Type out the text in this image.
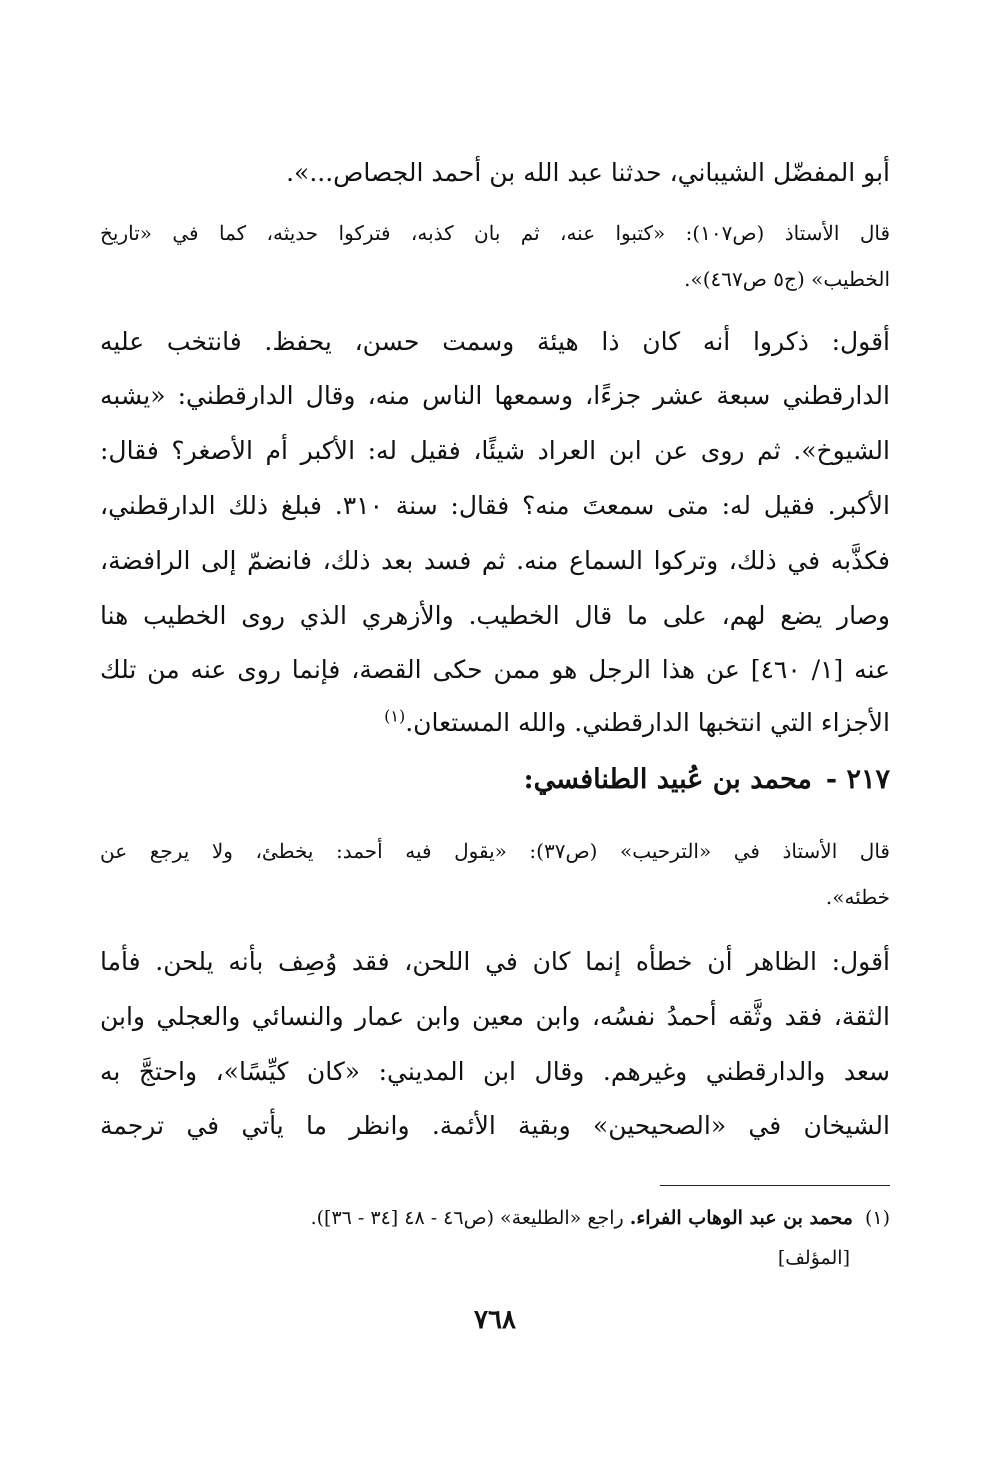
أبو المفضّل الشيباني، حدثنا عبد الله بن أحمد الجصاص...».
قال الأستاذ (ص١٠٧): «كتبوا عنه، ثم بان كذبه، فتركوا حديثه، كما في «تاريخ
الخطيب» (ج٥ ص٤٦٧)».
أقول: ذكروا أنه كان ذا هيئة وسمت حسن، يحفظ. فانتخب عليه
الدارقطني سبعة عشر جزءًا، وسمعها الناس منه، وقال الدارقطني: «يشبه
الشيوخ». ثم روى عن ابن العراد شيئًا، فقيل له: الأكبر أم الأصغر؟ فقال:
الأكبر. فقيل له: متى سمعتَ منه؟ فقال: سنة ٣١٠. فبلغ ذلك الدارقطني،
فكذَّبه في ذلك، وتركوا السماع منه. ثم فسد بعد ذلك، فانضمّ إلى الرافضة،
وصار يضع لهم، على ما قال الخطيب. والأزهري الذي روى الخطيب هنا
عنه [١/ ٤٦٠] عن هذا الرجل هو ممن حكى القصة، فإنما روى عنه من تلك
الأجزاء التي انتخبها الدارقطني. والله المستعان.$^{(١)}$
٢١٧ -محمد بن عُبيد الطنافسي:
قال الأستاذ في «الترحيب» (ص٣٧): «يقول فيه أحمد: يخطئ، ولا يرجع عن
خطئه».
أقول: الظاهر أن خطأه إنما كان في اللحن، فقد وُصِف بأنه يلحن. فأما
الثقة، فقد وثَّقه أحمدُ نفسُه، وابن معين وابن عمار والنسائي والعجلي وابن
سعد والدارقطني وغيرهم. وقال ابن المديني: «كان كيِّسًا»، واحتجَّ به
الشيخان في «الصحيحين» وبقية الأئمة. وانظر ما يأتي في ترجمة
(١)محمد بن عبد الوهاب الفراء. راجع «الطليعة» (ص٤٦ - ٤٨ [٣٤ - ٣٦]).
[المؤلف]
٧٦٨
